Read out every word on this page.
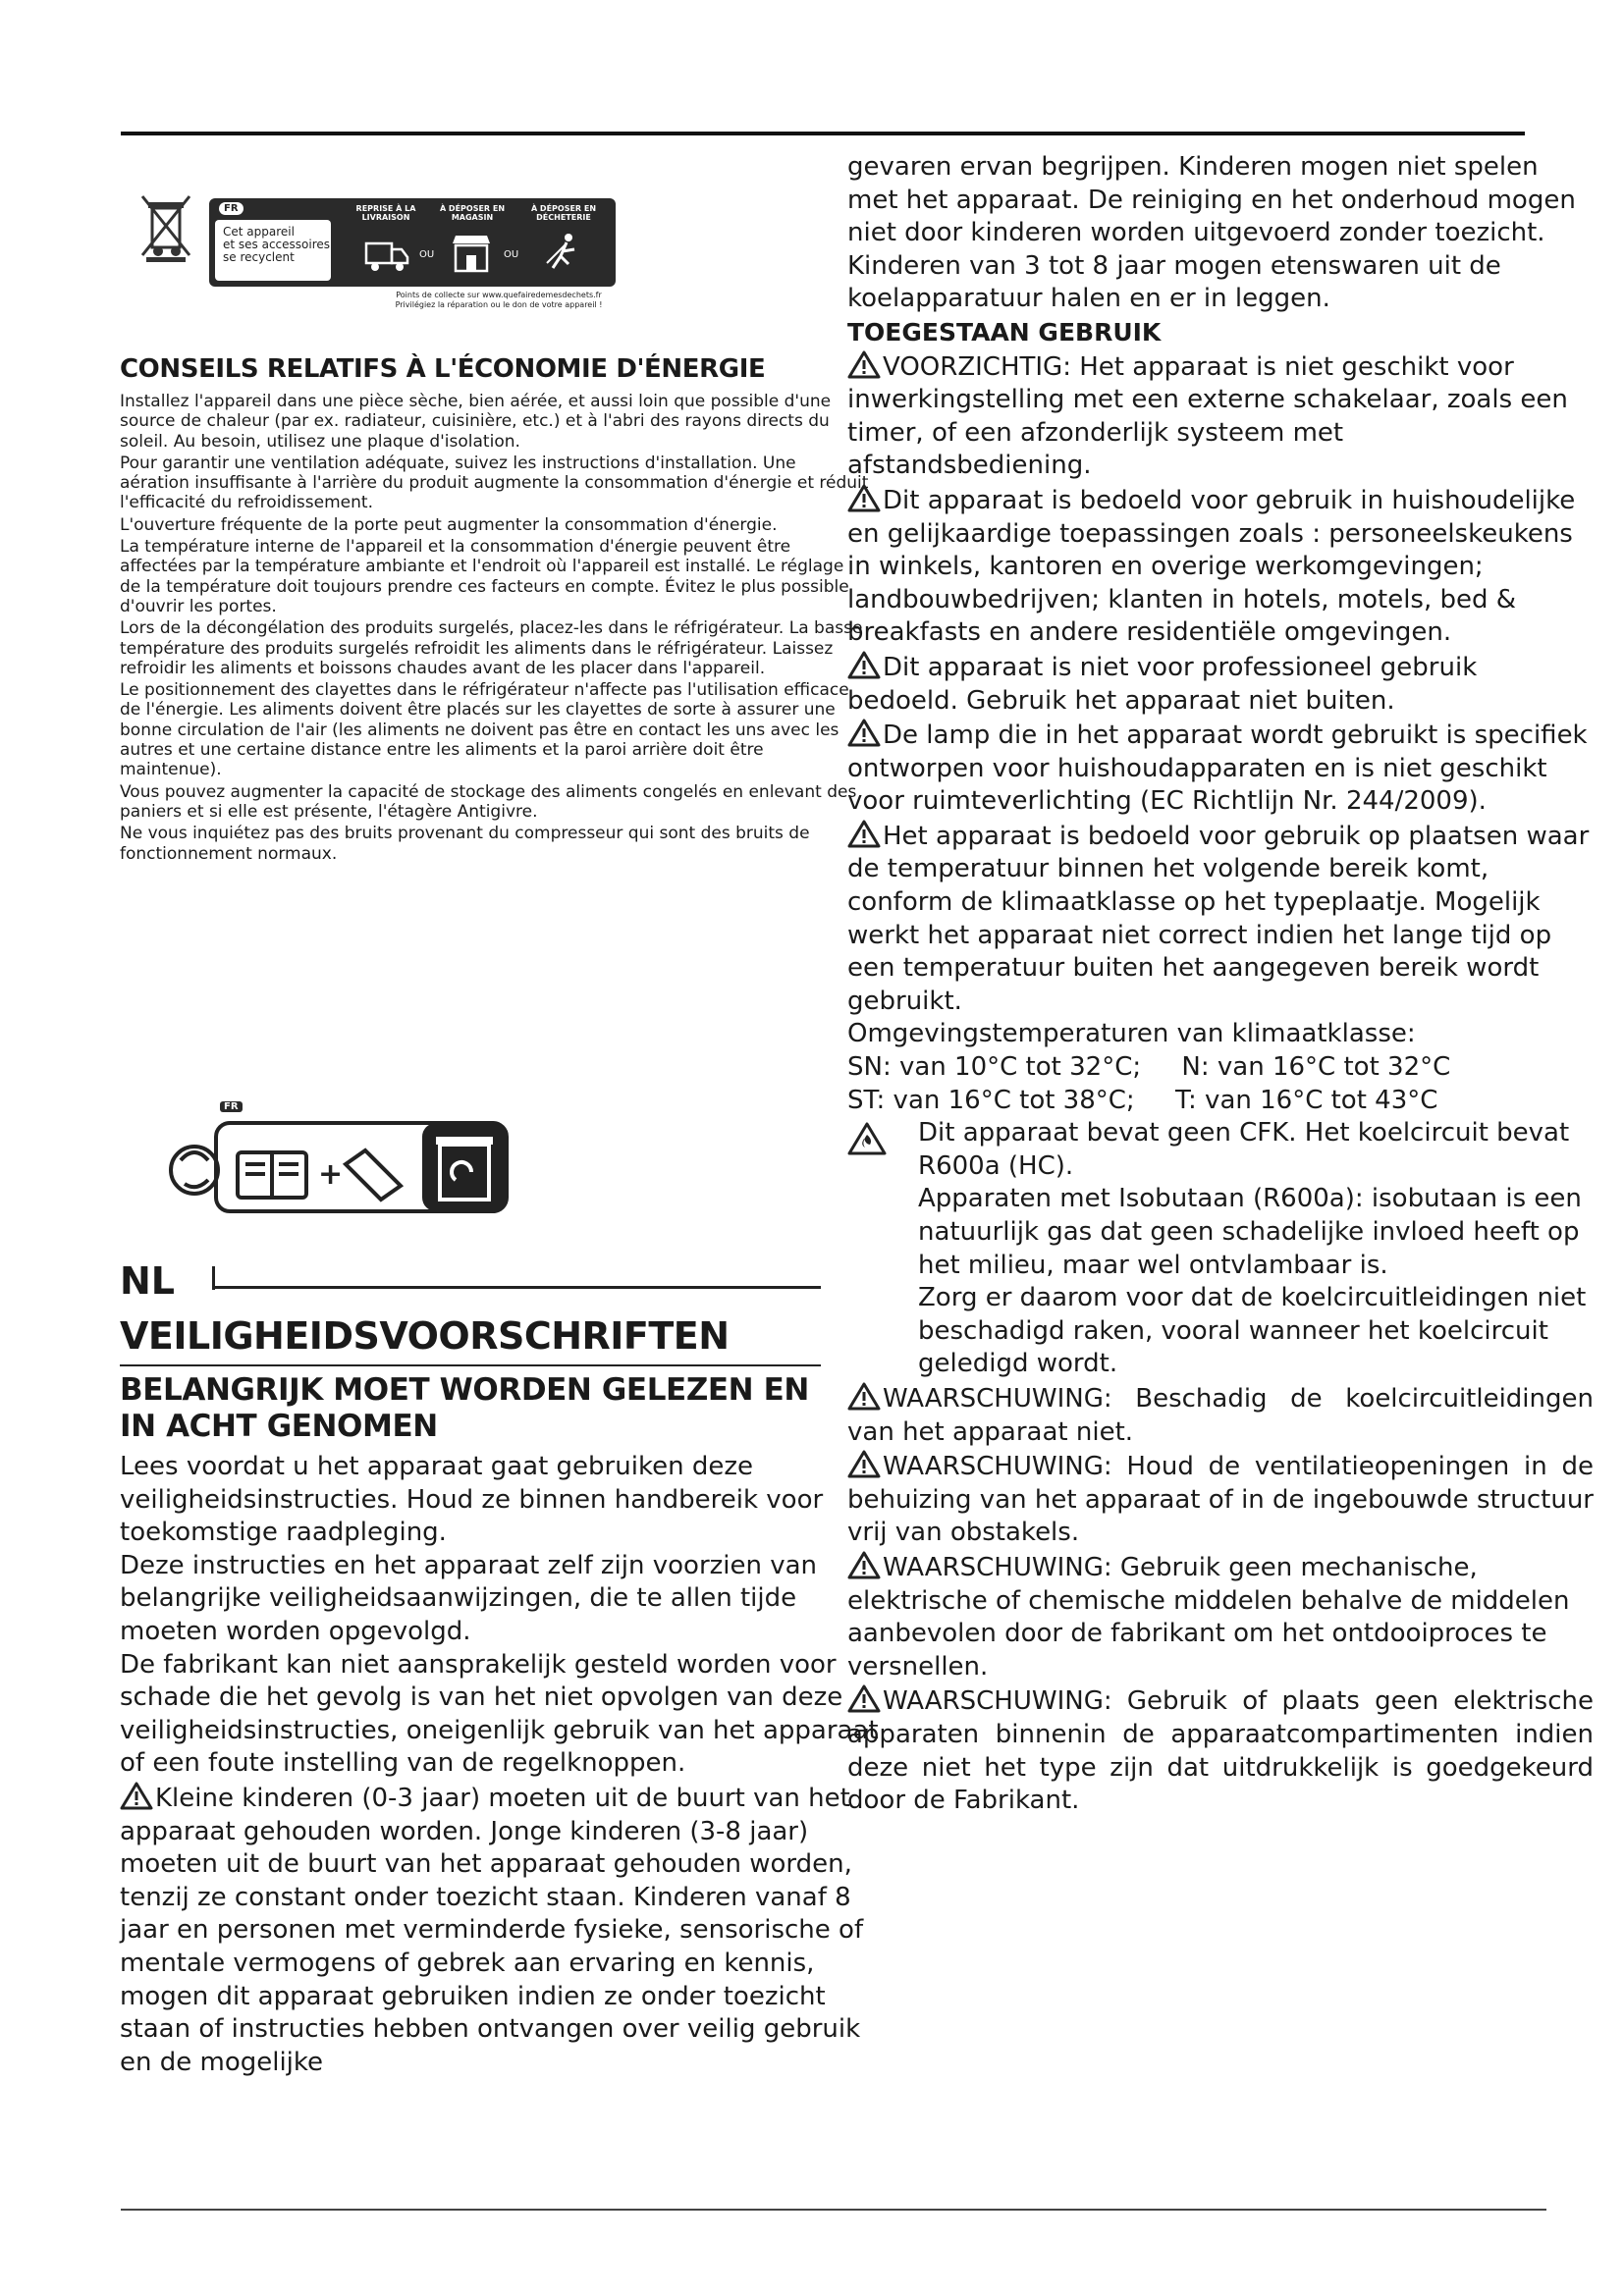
FR
Cet appareil
et ses accessoires
se recyclent
REPRISE À LA LIVRAISON
À DÉPOSER EN MAGASIN
À DÉPOSER EN DÉCHETERIE
OU	OU
Points de collecte sur www.quefairedemesdechets.fr
Privilégiez la réparation ou le don de votre appareil !
CONSEILS RELATIFS À L'ÉCONOMIE D'ÉNERGIE

Installez l'appareil dans une pièce sèche, bien aérée, et aussi loin que possible d'une source de chaleur (par ex. radiateur, cuisinière, etc.) et à l'abri des rayons directs du soleil. Au besoin, utilisez une plaque d'isolation.

Pour garantir une ventilation adéquate, suivez les instructions d'installation. Une aération insuffisante à l'arrière du produit augmente la consommation d'énergie et réduit l'efficacité du refroidissement.

L'ouverture fréquente de la porte peut augmenter la consommation d'énergie.

La température interne de l'appareil et la consommation d'énergie peuvent être affectées par la température ambiante et l'endroit où l'appareil est installé. Le réglage de la température doit toujours prendre ces facteurs en compte. Évitez le plus possible d'ouvrir les portes.

Lors de la décongélation des produits surgelés, placez-les dans le réfrigérateur. La basse température des produits surgelés refroidit les aliments dans le réfrigérateur. Laissez refroidir les aliments et boissons chaudes avant de les placer dans l'appareil.

Le positionnement des clayettes dans le réfrigérateur n'affecte pas l'utilisation efficace de l'énergie. Les aliments doivent être placés sur les clayettes de sorte à assurer une bonne circulation de l'air (les aliments ne doivent pas être en contact les uns avec les autres et une certaine distance entre les aliments et la paroi arrière doit être maintenue).

Vous pouvez augmenter la capacité de stockage des aliments congelés en enlevant des paniers et si elle est présente, l'étagère Antigivre.

Ne vous inquiétez pas des bruits provenant du compresseur qui sont des bruits de fonctionnement normaux.

FR
+
NL
VEILIGHEIDSVOORSCHRIFTEN
BELANGRIJK MOET WORDEN GELEZEN EN IN ACHT GENOMEN

Lees voordat u het apparaat gaat gebruiken deze veiligheidsinstructies. Houd ze binnen handbereik voor toekomstige raadpleging.

Deze instructies en het apparaat zelf zijn voorzien van belangrijke veiligheidsaanwijzingen, die te allen tijde moeten worden opgevolgd.

De fabrikant kan niet aansprakelijk gesteld worden voor schade die het gevolg is van het niet opvolgen van deze veiligheidsinstructies, oneigenlijk gebruik van het apparaat of een foute instelling van de regelknoppen.

Kleine kinderen (0-3 jaar) moeten uit de buurt van het apparaat gehouden worden. Jonge kinderen (3-8 jaar) moeten uit de buurt van het apparaat gehouden worden, tenzij ze constant onder toezicht staan. Kinderen vanaf 8 jaar en personen met verminderde fysieke, sensorische of mentale vermogens of gebrek aan ervaring en kennis, mogen dit apparaat gebruiken indien ze onder toezicht staan of instructies hebben ontvangen over veilig gebruik en de mogelijke

gevaren ervan begrijpen. Kinderen mogen niet spelen met het apparaat. De reiniging en het onderhoud mogen niet door kinderen worden uitgevoerd zonder toezicht.

Kinderen van 3 tot 8 jaar mogen etenswaren uit de koelapparatuur halen en er in leggen.

TOEGESTAAN GEBRUIK

VOORZICHTIG: Het apparaat is niet geschikt voor inwerkingstelling met een externe schakelaar, zoals een timer, of een afzonderlijk systeem met afstandsbediening.

Dit apparaat is bedoeld voor gebruik in huishoudelijke en gelijkaardige toepassingen zoals : personeelskeukens in winkels, kantoren en overige werkomgevingen; landbouwbedrijven; klanten in hotels, motels, bed & breakfasts en andere residentiële omgevingen.

Dit apparaat is niet voor professioneel gebruik bedoeld. Gebruik het apparaat niet buiten.

De lamp die in het apparaat wordt gebruikt is specifiek ontworpen voor huishoudapparaten en is niet geschikt voor ruimteverlichting (EC Richtlijn Nr. 244/2009).

Het apparaat is bedoeld voor gebruik op plaatsen waar de temperatuur binnen het volgende bereik komt, conform de klimaatklasse op het typeplaatje. Mogelijk werkt het apparaat niet correct indien het lange tijd op een temperatuur buiten het aangegeven bereik wordt gebruikt.

Omgevingstemperaturen van klimaatklasse:

SN: van 10°C tot 32°C;     N: van 16°C tot 32°C

ST: van 16°C tot 38°C;     T: van 16°C tot 43°C

Dit apparaat bevat geen CFK. Het koelcircuit bevat R600a (HC).

Apparaten met Isobutaan (R600a): isobutaan is een natuurlijk gas dat geen schadelijke invloed heeft op het milieu, maar wel ontvlambaar is.

Zorg er daarom voor dat de koelcircuitleidingen niet beschadigd raken, vooral wanneer het koelcircuit geledigd wordt.

WAARSCHUWING: Beschadig de koelcircuitleidingen van het apparaat niet.

WAARSCHUWING: Houd de ventilatieopeningen in de behuizing van het apparaat of in de ingebouwde structuur vrij van obstakels.

WAARSCHUWING: Gebruik geen mechanische, elektrische of chemische middelen behalve de middelen aanbevolen door de fabrikant om het ontdooiproces te versnellen.

WAARSCHUWING: Gebruik of plaats geen elektrische apparaten binnenin de apparaatcompartimenten indien deze niet het type zijn dat uitdrukkelijk is goedgekeurd door de Fabrikant.
